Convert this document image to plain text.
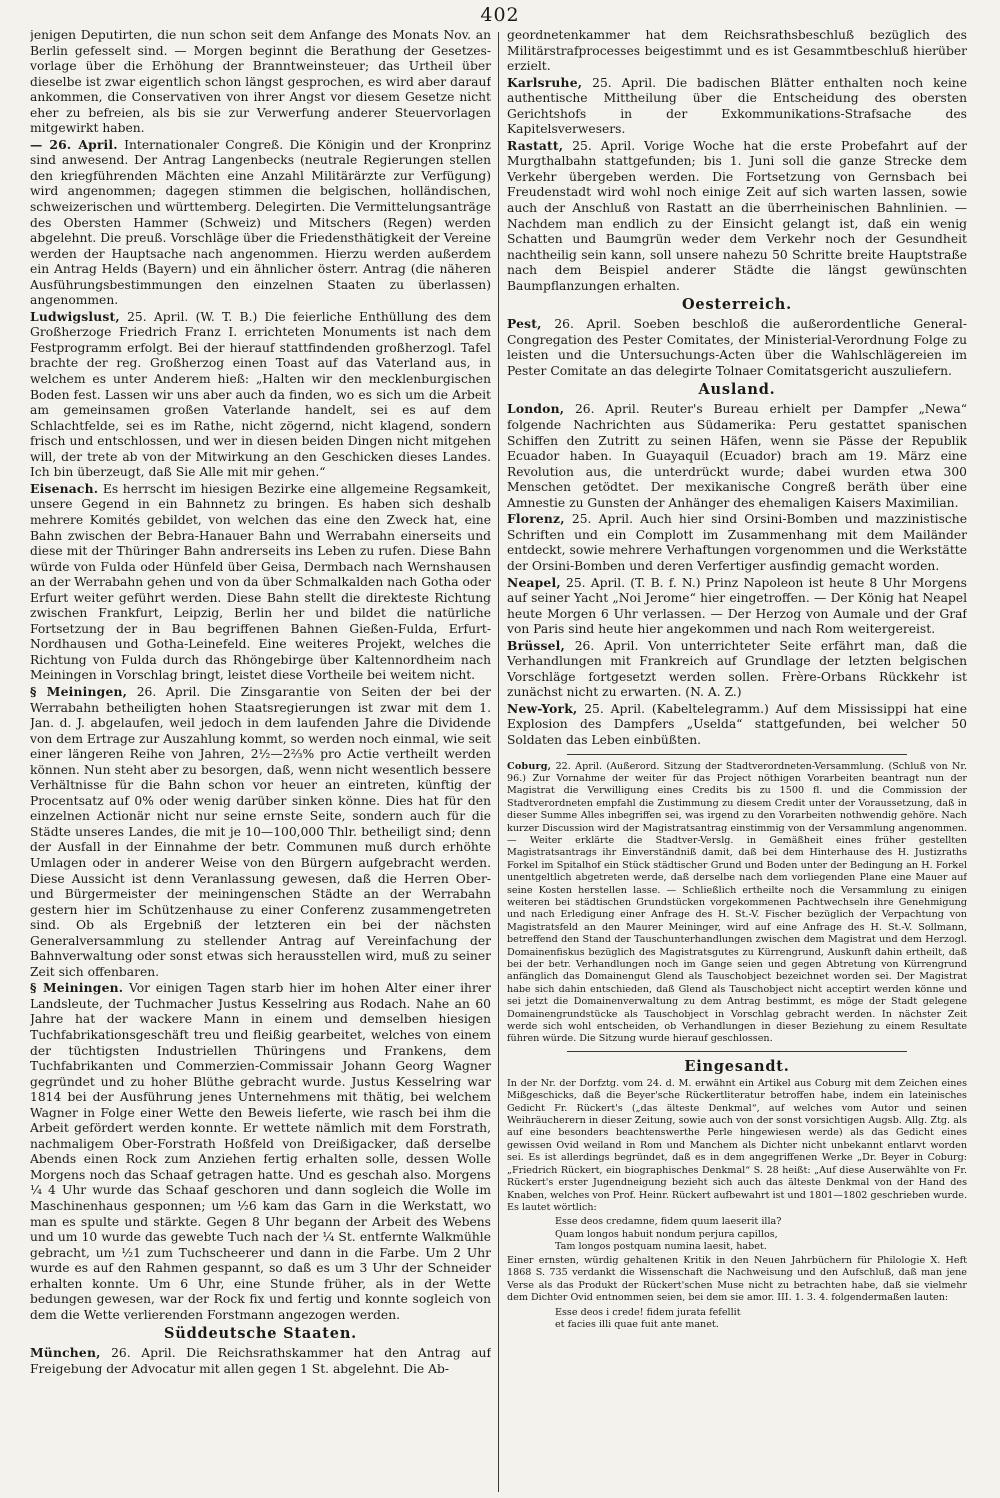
402

jenigen Deputirten, die nun schon seit dem Anfange des Monats Nov. an Berlin gefesselt sind. — Morgen beginnt die Berathung der Gesetzes-vorlage über die Erhöhung der Branntweinsteuer; das Urtheil über dieselbe ist zwar eigentlich schon längst gesprochen, es wird aber darauf ankommen, die Conservativen von ihrer Angst vor diesem Gesetze nicht eher zu befreien, als bis sie zur Verwerfung anderer Steuervorlagen mitgewirkt haben.

— 26. April. Internationaler Congreß. Die Königin und der Kronprinz sind anwesend. Der Antrag Langenbecks (neutrale Regierungen stellen den kriegführenden Mächten eine Anzahl Militärärzte zur Verfügung) wird angenommen; dagegen stimmen die belgischen, holländischen, schweizerischen und württemberg. Delegirten. Die Vermittelungsanträge des Obersten Hammer (Schweiz) und Mitschers (Regen) werden abgelehnt. Die preuß. Vorschläge über die Friedensthätigkeit der Vereine werden der Hauptsache nach angenommen. Hierzu werden außerdem ein Antrag Helds (Bayern) und ein ähnlicher österr. Antrag (die näheren Ausführungsbestimmungen den einzelnen Staaten zu überlassen) angenommen.

Ludwigslust, 25. April. (W. T. B.) Die feierliche Enthüllung des dem Großherzoge Friedrich Franz I. errichteten Monuments ist nach dem Festprogramm erfolgt. Bei der hierauf stattfindenden großherzogl. Tafel brachte der reg. Großherzog einen Toast auf das Vaterland aus, in welchem es unter Anderem hieß: „Halten wir den mecklenburgischen Boden fest. Lassen wir uns aber auch da finden, wo es sich um die Arbeit am gemeinsamen großen Vaterlande handelt, sei es auf dem Schlachtfelde, sei es im Rathe, nicht zögernd, nicht klagend, sondern frisch und entschlossen, und wer in diesen beiden Dingen nicht mitgehen will, der trete ab von der Mitwirkung an den Geschicken dieses Landes. Ich bin überzeugt, daß Sie Alle mit mir gehen.“

Eisenach. Es herrscht im hiesigen Bezirke eine allgemeine Regsamkeit, unsere Gegend in ein Bahnnetz zu bringen. Es haben sich deshalb mehrere Komités gebildet, von welchen das eine den Zweck hat, eine Bahn zwischen der Bebra-Hanauer Bahn und Werrabahn einerseits und diese mit der Thüringer Bahn andrerseits ins Leben zu rufen. Diese Bahn würde von Fulda oder Hünfeld über Geisa, Dermbach nach Wernshausen an der Werrabahn gehen und von da über Schmalkalden nach Gotha oder Erfurt weiter geführt werden. Diese Bahn stellt die direkteste Richtung zwischen Frankfurt, Leipzig, Berlin her und bildet die natürliche Fortsetzung der in Bau begriffenen Bahnen Gießen-Fulda, Erfurt-Nordhausen und Gotha-Leinefeld. Eine weiteres Projekt, welches die Richtung von Fulda durch das Rhöngebirge über Kaltennordheim nach Meiningen in Vorschlag bringt, leistet diese Vortheile bei weitem nicht.

§ Meiningen, 26. April. Die Zinsgarantie von Seiten der bei der Werrabahn betheiligten hohen Staatsregierungen ist zwar mit dem 1. Jan. d. J. abgelaufen, weil jedoch in dem laufenden Jahre die Dividende von dem Ertrage zur Auszahlung kommt, so werden noch einmal, wie seit einer längeren Reihe von Jahren, 2½—2⅔% pro Actie vertheilt werden können. Nun steht aber zu besorgen, daß, wenn nicht wesentlich bessere Verhältnisse für die Bahn schon vor heuer an eintreten, künftig der Procentsatz auf 0% oder wenig darüber sinken könne. Dies hat für den einzelnen Actionär nicht nur seine ernste Seite, sondern auch für die Städte unseres Landes, die mit je 10—100,000 Thlr. betheiligt sind; denn der Ausfall in der Einnahme der betr. Communen muß durch erhöhte Umlagen oder in anderer Weise von den Bürgern aufgebracht werden. Diese Aussicht ist denn Veranlassung gewesen, daß die Herren Ober- und Bürgermeister der meiningenschen Städte an der Werrabahn gestern hier im Schützenhause zu einer Conferenz zusammengetreten sind. Ob als Ergebniß der letzteren ein bei der nächsten Generalversammlung zu stellender Antrag auf Vereinfachung der Bahnverwaltung oder sonst etwas sich herausstellen wird, muß zu seiner Zeit sich offenbaren.

§ Meiningen. Vor einigen Tagen starb hier im hohen Alter einer ihrer Landsleute, der Tuchmacher Justus Kesselring aus Rodach. Nahe an 60 Jahre hat der wackere Mann in einem und demselben hiesigen Tuchfabrikationsgeschäft treu und fleißig gearbeitet, welches von einem der tüchtigsten Industriellen Thüringens und Frankens, dem Tuchfabrikanten und Commerzien-Commissair Johann Georg Wagner gegründet und zu hoher Blüthe gebracht wurde. Justus Kesselring war 1814 bei der Ausführung jenes Unternehmens mit thätig, bei welchem Wagner in Folge einer Wette den Beweis lieferte, wie rasch bei ihm die Arbeit gefördert werden konnte. Er wettete nämlich mit dem Forstrath, nachmaligem Ober-Forstrath Hoßfeld von Dreißigacker, daß derselbe Abends einen Rock zum Anziehen fertig erhalten solle, dessen Wolle Morgens noch das Schaaf getragen hatte. Und es geschah also. Morgens ¼ 4 Uhr wurde das Schaaf geschoren und dann sogleich die Wolle im Maschinenhaus gesponnen; um ½6 kam das Garn in die Werkstatt, wo man es spulte und stärkte. Gegen 8 Uhr begann der Arbeit des Webens und um 10 wurde das gewebte Tuch nach der ¼ St. entfernte Walkmühle gebracht, um ½1 zum Tuchscheerer und dann in die Farbe. Um 2 Uhr wurde es auf den Rahmen gespannt, so daß es um 3 Uhr der Schneider erhalten konnte. Um 6 Uhr, eine Stunde früher, als in der Wette bedungen gewesen, war der Rock fix und fertig und konnte sogleich von dem die Wette verlierenden Forstmann angezogen werden.

Süddeutsche Staaten.

München, 26. April. Die Reichsrathskammer hat den Antrag auf Freigebung der Advocatur mit allen gegen 1 St. abgelehnt. Die Ab-

geordnetenkammer hat dem Reichsrathsbeschluß bezüglich des Militärstrafprocesses beigestimmt und es ist Gesammtbeschluß hierüber erzielt.

Karlsruhe, 25. April. Die badischen Blätter enthalten noch keine authentische Mittheilung über die Entscheidung des obersten Gerichtshofs in der Exkommunikations-Strafsache des Kapitelsverwesers.

Rastatt, 25. April. Vorige Woche hat die erste Probefahrt auf der Murgthalbahn stattgefunden; bis 1. Juni soll die ganze Strecke dem Verkehr übergeben werden. Die Fortsetzung von Gernsbach bei Freudenstadt wird wohl noch einige Zeit auf sich warten lassen, sowie auch der Anschluß von Rastatt an die überrheinischen Bahnlinien. — Nachdem man endlich zu der Einsicht gelangt ist, daß ein wenig Schatten und Baumgrün weder dem Verkehr noch der Gesundheit nachtheilig sein kann, soll unsere nahezu 50 Schritte breite Hauptstraße nach dem Beispiel anderer Städte die längst gewünschten Baumpflanzungen erhalten.

Oesterreich.

Pest, 26. April. Soeben beschloß die außerordentliche General-Congregation des Pester Comitates, der Ministerial-Verordnung Folge zu leisten und die Untersuchungs-Acten über die Wahlschlägereien im Pester Comitate an das delegirte Tolnaer Comitatsgericht auszuliefern.

Ausland.

London, 26. April. Reuter's Bureau erhielt per Dampfer „Newa“ folgende Nachrichten aus Südamerika: Peru gestattet spanischen Schiffen den Zutritt zu seinen Häfen, wenn sie Pässe der Republik Ecuador haben. In Guayaquil (Ecuador) brach am 19. März eine Revolution aus, die unterdrückt wurde; dabei wurden etwa 300 Menschen getödtet. Der mexikanische Congreß beräth über eine Amnestie zu Gunsten der Anhänger des ehemaligen Kaisers Maximilian.

Florenz, 25. April. Auch hier sind Orsini-Bomben und mazzinistische Schriften und ein Complott im Zusammenhang mit dem Mailänder entdeckt, sowie mehrere Verhaftungen vorgenommen und die Werkstätte der Orsini-Bomben und deren Verfertiger ausfindig gemacht worden.

Neapel, 25. April. (T. B. f. N.) Prinz Napoleon ist heute 8 Uhr Morgens auf seiner Yacht „Noi Jerome“ hier eingetroffen. — Der König hat Neapel heute Morgen 6 Uhr verlassen. — Der Herzog von Aumale und der Graf von Paris sind heute hier angekommen und nach Rom weitergereist.

Brüssel, 26. April. Von unterrichteter Seite erfährt man, daß die Verhandlungen mit Frankreich auf Grundlage der letzten belgischen Vorschläge fortgesetzt werden sollen. Frère-Orbans Rückkehr ist zunächst nicht zu erwarten. (N. A. Z.)

New-York, 25. April. (Kabeltelegramm.) Auf dem Mississippi hat eine Explosion des Dampfers „Uselda“ stattgefunden, bei welcher 50 Soldaten das Leben einbüßten.

Coburg, 22. April. (Außerord. Sitzung der Stadtverordneten-Versammlung. (Schluß von Nr. 96.) Zur Vornahme der weiter für das Project nöthigen Vorarbeiten beantragt nun der Magistrat die Verwilligung eines Credits bis zu 1500 fl. und die Commission der Stadtverordneten empfahl die Zustimmung zu diesem Credit unter der Voraussetzung, daß in dieser Summe Alles inbegriffen sei, was irgend zu den Vorarbeiten nothwendig gehöre. Nach kurzer Discussion wird der Magistratsantrag einstimmig von der Versammlung angenommen. — Weiter erklärte die Stadtver-Verslg. in Gemäßheit eines früher gestellten Magistratsantrags ihr Einverständniß damit, daß bei dem Hinterhause des H. Justizraths Forkel im Spitalhof ein Stück städtischer Grund und Boden unter der Bedingung an H. Forkel unentgeltlich abgetreten werde, daß derselbe nach dem vorliegenden Plane eine Mauer auf seine Kosten herstellen lasse. — Schließlich ertheilte noch die Versammlung zu einigen weiteren bei städtischen Grundstücken vorgekommenen Pachtwechseln ihre Genehmigung und nach Erledigung einer Anfrage des H. St.-V. Fischer bezüglich der Verpachtung von Magistratsfeld an den Maurer Meininger, wird auf eine Anfrage des H. St.-V. Sollmann, betreffend den Stand der Tauschunterhandlungen zwischen dem Magistrat und dem Herzogl. Domainenfiskus bezüglich des Magistratsgutes zu Kürrengrund, Auskunft dahin ertheilt, daß bei der betr. Verhandlungen noch im Gange seien und gegen Abtretung von Kürrengrund anfänglich das Domainengut Glend als Tauschobject bezeichnet worden sei. Der Magistrat habe sich dahin entschieden, daß Glend als Tauschobject nicht acceptirt werden könne und sei jetzt die Domainenverwaltung zu dem Antrag bestimmt, es möge der Stadt gelegene Domainengrundstücke als Tauschobject in Vorschlag gebracht werden. In nächster Zeit werde sich wohl entscheiden, ob Verhandlungen in dieser Beziehung zu einem Resultate führen würde. Die Sitzung wurde hierauf geschlossen.

Eingesandt.

In der Nr. der Dorfztg. vom 24. d. M. erwähnt ein Artikel aus Coburg mit dem Zeichen eines Mißgeschicks, daß die Beyer'sche Rückertliteratur betroffen habe, indem ein lateinisches Gedicht Fr. Rückert's („das älteste Denkmal“, auf welches vom Autor und seinen Weihräucherern in dieser Zeitung, sowie auch von der sonst vorsichtigen Augsb. Allg. Ztg. als auf eine besonders beachtenswerthe Perle hingewiesen werde) als das Gedicht eines gewissen Ovid weiland in Rom und Manchem als Dichter nicht unbekannt entlarvt worden sei. Es ist allerdings begründet, daß es in dem angegriffenen Werke „Dr. Beyer in Coburg: „Friedrich Rückert, ein biographisches Denkmal“ S. 28 heißt: „Auf diese Auserwählte von Fr. Rückert's erster Jugendneigung bezieht sich auch das älteste Denkmal von der Hand des Knaben, welches von Prof. Heinr. Rückert aufbewahrt ist und 1801—1802 geschrieben wurde. Es lautet wörtlich:

Esse deos credamne, fidem quum laeserit illa?
Quam longos habuit nondum perjura capillos,
Tam longos postquam numina laesit, habet.

Einer ernsten, würdig gehaltenen Kritik in den Neuen Jahrbüchern für Philologie X. Heft 1868 S. 735 verdankt die Wissenschaft die Nachweisung und den Aufschluß, daß man jene Verse als das Produkt der Rückert'schen Muse nicht zu betrachten habe, daß sie vielmehr dem Dichter Ovid entnommen seien, bei dem sie amor. III. 1. 3. 4. folgendermaßen lauten:

Esse deos i crede! fidem jurata fefellit
et facies illi quae fuit ante manet.
